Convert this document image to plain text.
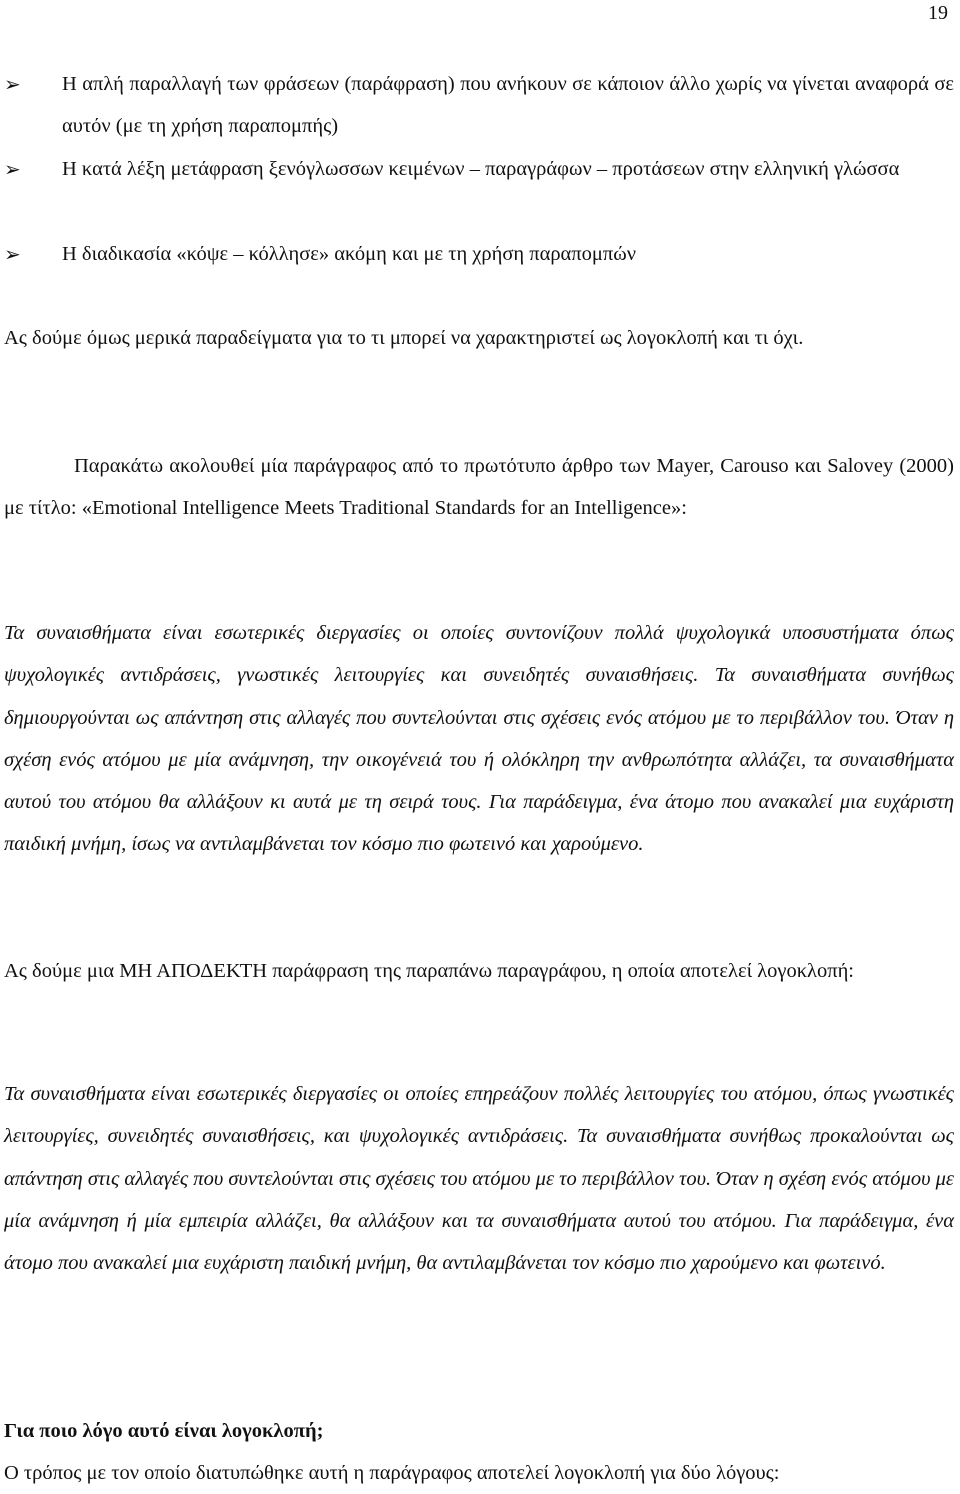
19
➢ Η απλή παραλλαγή των φράσεων (παράφραση) που ανήκουν σε κάποιον άλλο χωρίς να γίνεται αναφορά σε αυτόν (με τη χρήση παραπομπής)
➢ Η κατά λέξη μετάφραση ξενόγλωσσων κειμένων – παραγράφων – προτάσεων στην ελληνική γλώσσα
➢ Η διαδικασία «κόψε – κόλλησε» ακόμη και με τη χρήση παραπομπών
Ας δούμε όμως μερικά παραδείγματα για το τι μπορεί να χαρακτηριστεί ως λογοκλοπή και τι όχι.
Παρακάτω ακολουθεί μία παράγραφος από το πρωτότυπο άρθρο των Mayer, Carouso και Salovey (2000) με τίτλο: «Emotional Intelligence Meets Traditional Standards for an Intelligence»:
Τα συναισθήματα είναι εσωτερικές διεργασίες οι οποίες συντονίζουν πολλά ψυχολογικά υποσυστήματα όπως ψυχολογικές αντιδράσεις, γνωστικές λειτουργίες και συνειδητές συναισθήσεις. Τα συναισθήματα συνήθως δημιουργούνται ως απάντηση στις αλλαγές που συντελούνται στις σχέσεις ενός ατόμου με το περιβάλλον του. Όταν η σχέση ενός ατόμου με μία ανάμνηση, την οικογένειά του ή ολόκληρη την ανθρωπότητα αλλάζει, τα συναισθήματα αυτού του ατόμου θα αλλάξουν κι αυτά με τη σειρά τους. Για παράδειγμα, ένα άτομο που ανακαλεί μια ευχάριστη παιδική μνήμη, ίσως να αντιλαμβάνεται τον κόσμο πιο φωτεινό και χαρούμενο.
Ας δούμε μια ΜΗ ΑΠΟΔΕΚΤΗ παράφραση της παραπάνω παραγράφου, η οποία αποτελεί λογοκλοπή:
Τα συναισθήματα είναι εσωτερικές διεργασίες οι οποίες επηρεάζουν πολλές λειτουργίες του ατόμου, όπως γνωστικές λειτουργίες, συνειδητές συναισθήσεις, και ψυχολογικές αντιδράσεις. Τα συναισθήματα συνήθως προκαλούνται ως απάντηση στις αλλαγές που συντελούνται στις σχέσεις του ατόμου με το περιβάλλον του. Όταν η σχέση ενός ατόμου με μία ανάμνηση ή μία εμπειρία αλλάζει, θα αλλάξουν και τα συναισθήματα αυτού του ατόμου. Για παράδειγμα, ένα άτομο που ανακαλεί μια ευχάριστη παιδική μνήμη, θα αντιλαμβάνεται τον κόσμο πιο χαρούμενο και φωτεινό.
Για ποιο λόγο αυτό είναι λογοκλοπή;
Ο τρόπος με τον οποίο διατυπώθηκε αυτή η παράγραφος αποτελεί λογοκλοπή για δύο λόγους:
